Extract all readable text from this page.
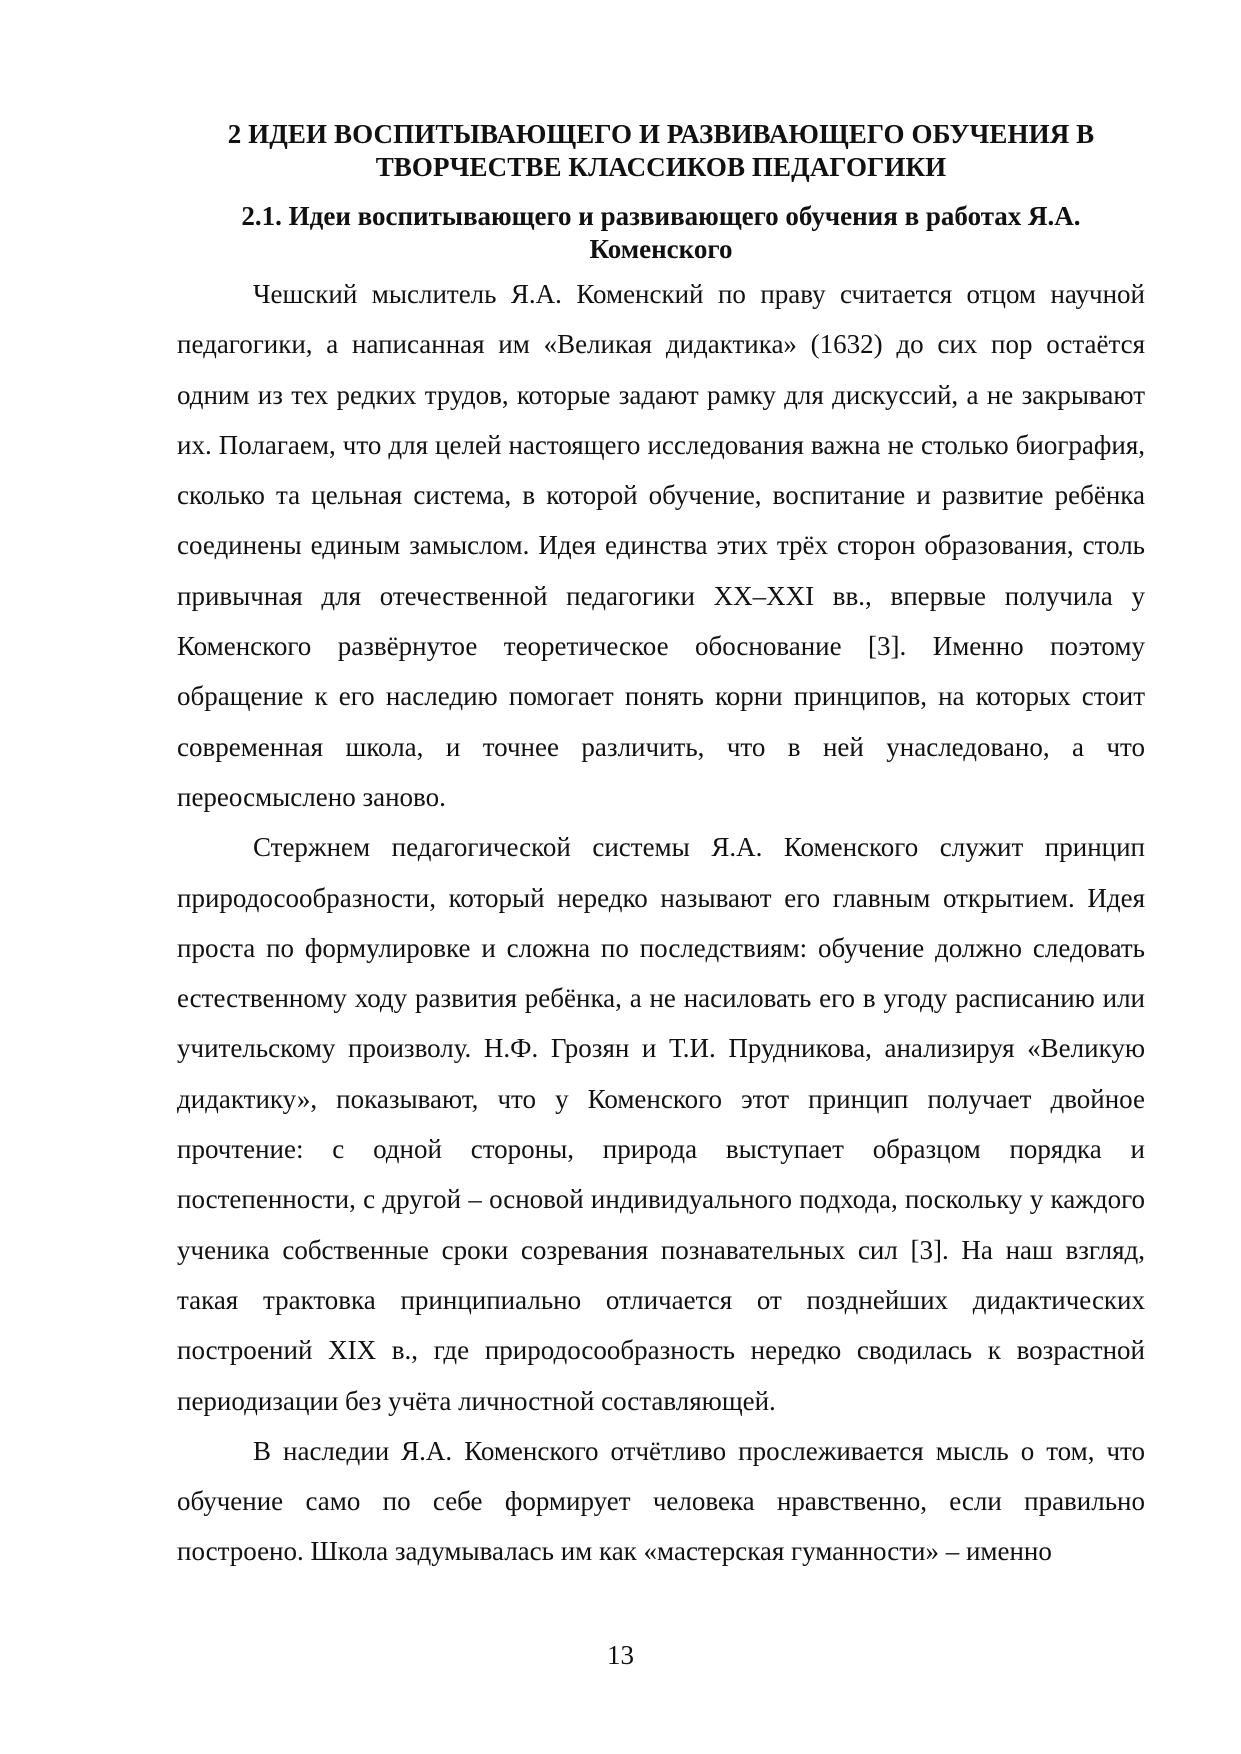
2 ИДЕИ ВОСПИТЫВАЮЩЕГО И РАЗВИВАЮЩЕГО ОБУЧЕНИЯ В ТВОРЧЕСТВЕ КЛАССИКОВ ПЕДАГОГИКИ
2.1. Идеи воспитывающего и развивающего обучения в работах Я.А. Коменского

Чешский мыслитель Я.А. Коменский по праву считается отцом научной педагогики, а написанная им «Великая дидактика» (1632) до сих пор остаётся одним из тех редких трудов, которые задают рамку для дискуссий, а не закрывают их. Полагаем, что для целей настоящего исследования важна не столько биография, сколько та цельная система, в которой обучение, воспитание и развитие ребёнка соединены единым замыслом. Идея единства этих трёх сторон образования, столь привычная для отечественной педагогики XX–XXI вв., впервые получила у Коменского развёрнутое теоретическое обоснование [3]. Именно поэтому обращение к его наследию помогает понять корни принципов, на которых стоит современная школа, и точнее различить, что в ней унаследовано, а что переосмыслено заново.

Стержнем педагогической системы Я.А. Коменского служит принцип природосообразности, который нередко называют его главным открытием. Идея проста по формулировке и сложна по последствиям: обучение должно следовать естественному ходу развития ребёнка, а не насиловать его в угоду расписанию или учительскому произволу. Н.Ф. Грозян и Т.И. Прудникова, анализируя «Великую дидактику», показывают, что у Коменского этот принцип получает двойное прочтение: с одной стороны, природа выступает образцом порядка и постепенности, с другой – основой индивидуального подхода, поскольку у каждого ученика собственные сроки созревания познавательных сил [3]. На наш взгляд, такая трактовка принципиально отличается от позднейших дидактических построений XIX в., где природосообразность нередко сводилась к возрастной периодизации без учёта личностной составляющей.

В наследии Я.А. Коменского отчётливо прослеживается мысль о том, что обучение само по себе формирует человека нравственно, если правильно построено. Школа задумывалась им как «мастерская гуманности» – именно

13
